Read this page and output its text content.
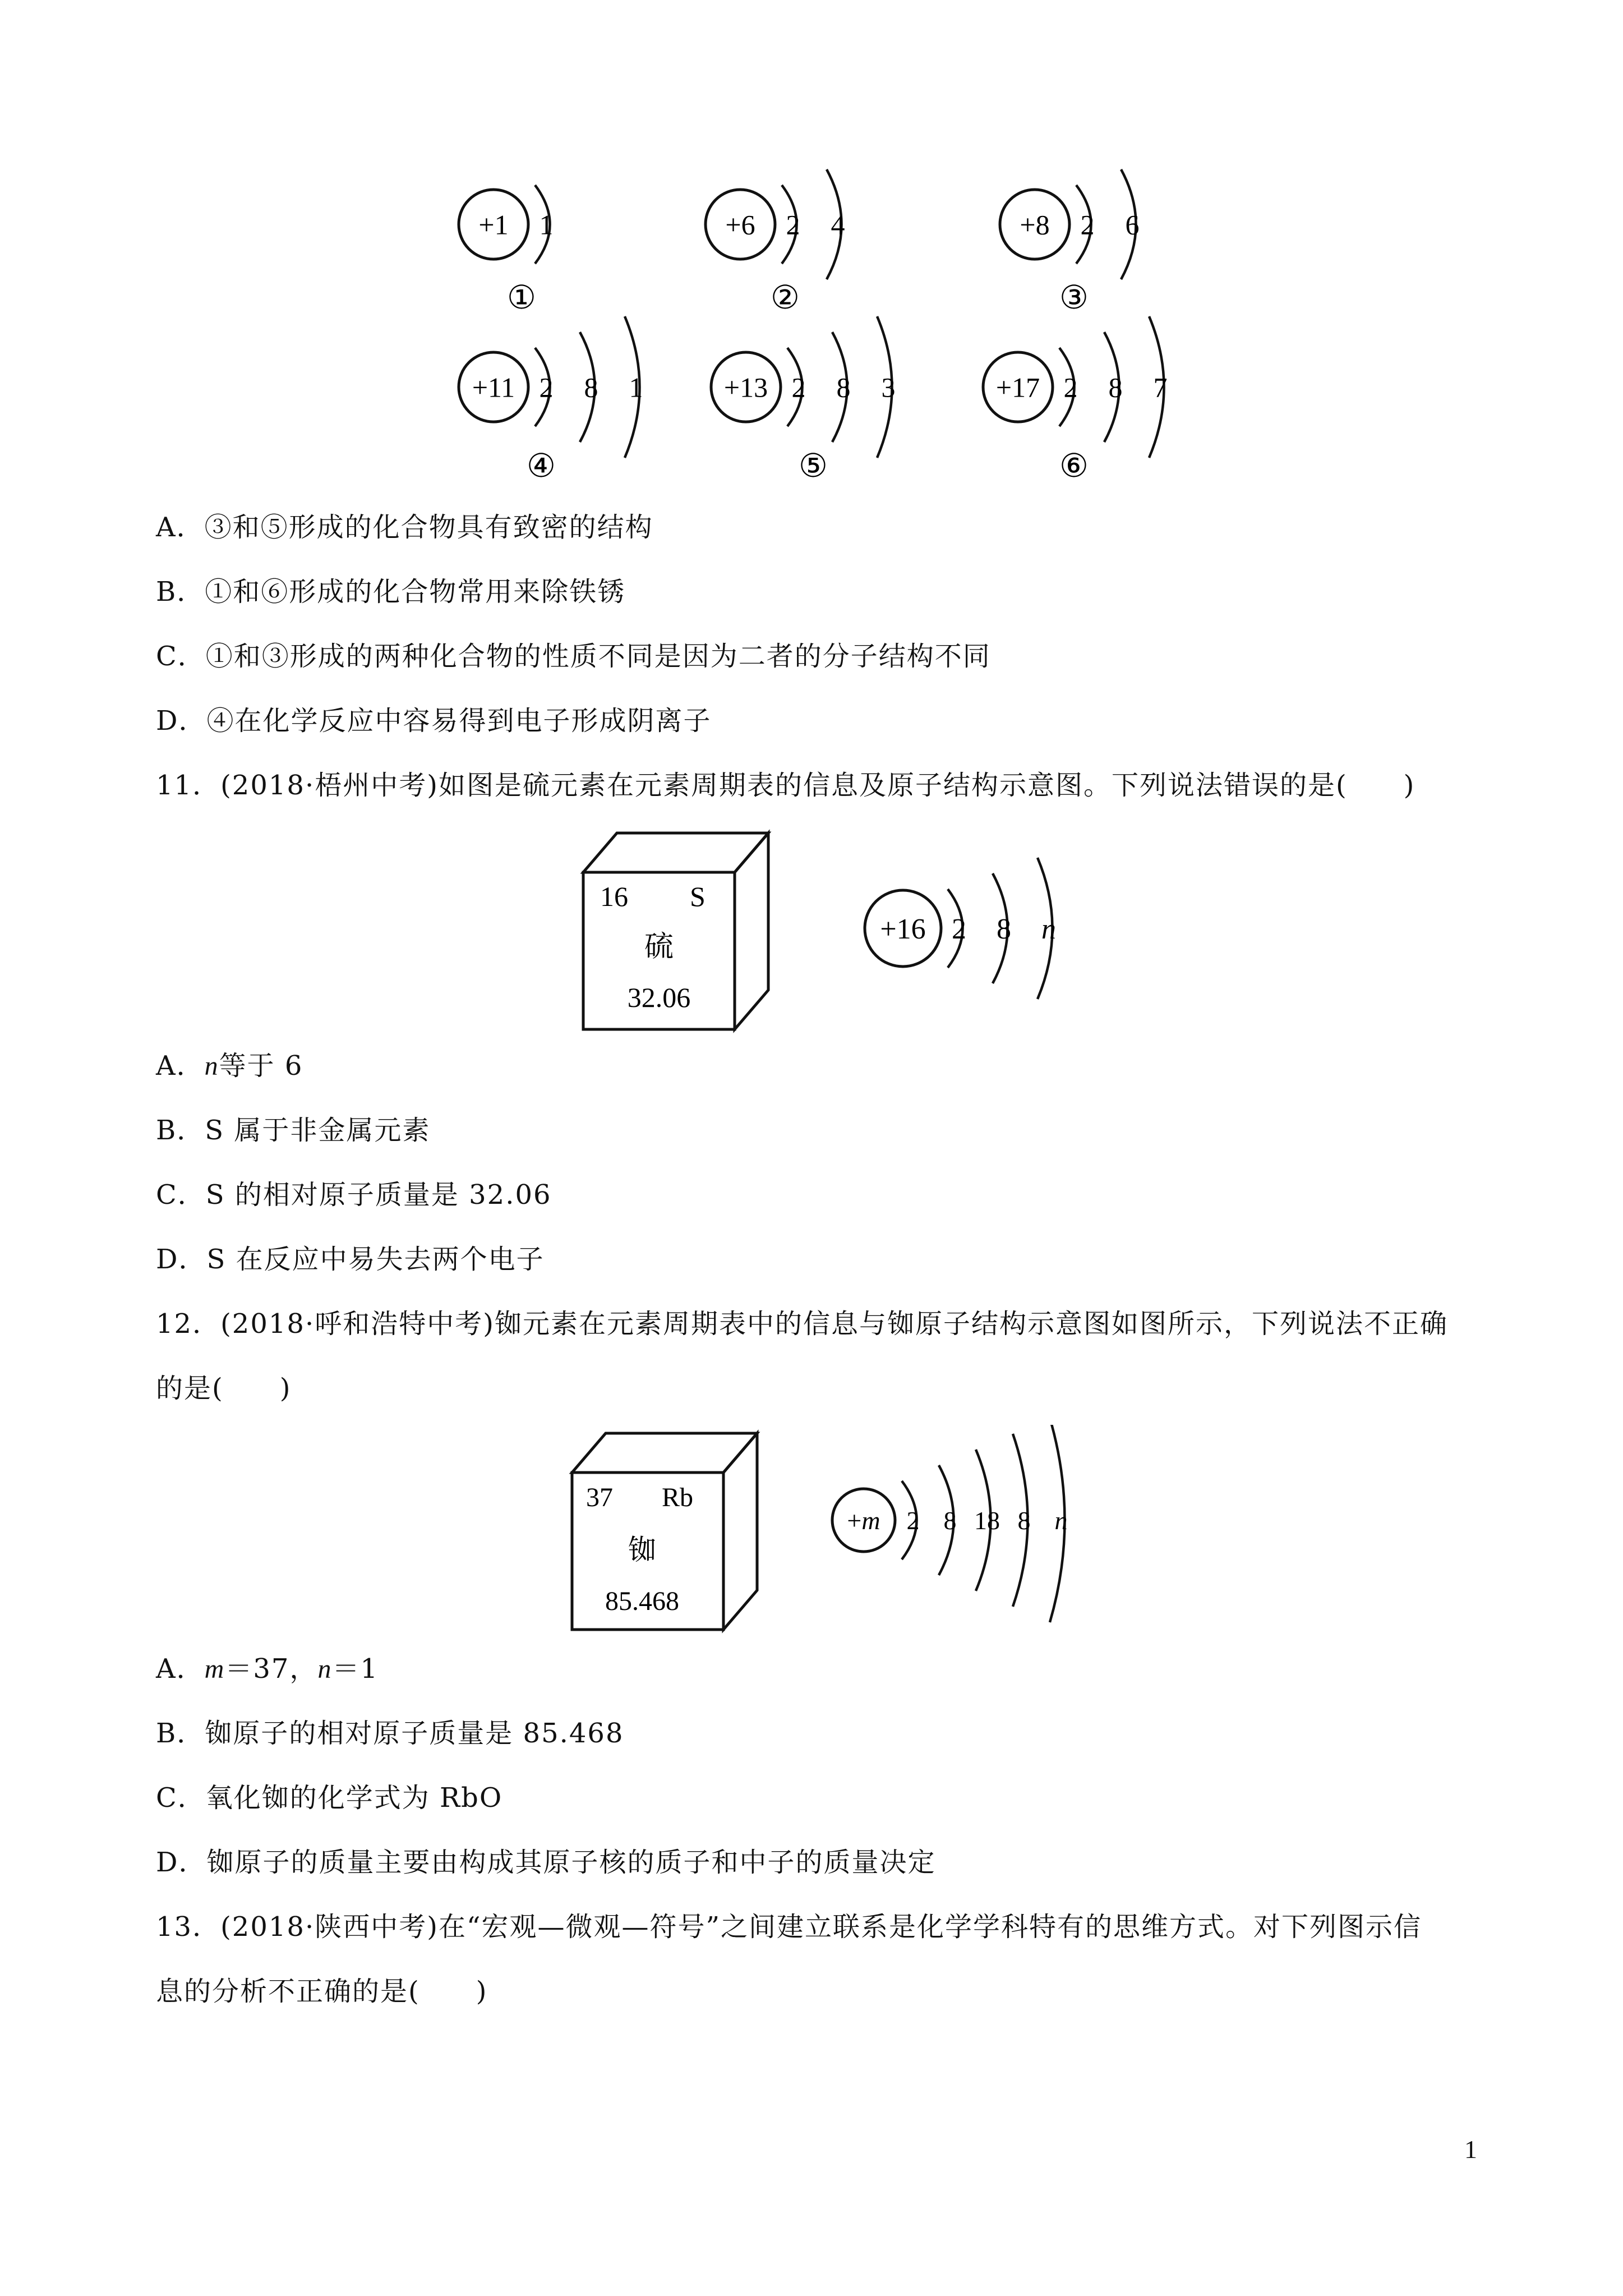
+1 1
①
+6 2 4
②
+8 2 6
③
+11 2 8 1
④
+13 2 8 3
⑤
+17 2 8 7
⑥
A．③和⑤形成的化合物具有致密的结构
B．①和⑥形成的化合物常用来除铁锈
C．①和③形成的两种化合物的性质不同是因为二者的分子结构不同
D．④在化学反应中容易得到电子形成阴离子
11．(2018·梧州中考)如图是硫元素在元素周期表的信息及原子结构示意图。下列说法错误的是(　　)
16 S
硫
32.06
+16 2 8 n
A．n等于 6
B．S 属于非金属元素
C．S 的相对原子质量是 32.06
D．S 在反应中易失去两个电子
12．(2018·呼和浩特中考)铷元素在元素周期表中的信息与铷原子结构示意图如图所示，下列说法不正确
的是(　　)
37 Rb
铷
85.468
+m 2 8 18 8 n
A．m＝37，n＝1
B．铷原子的相对原子质量是 85.468
C．氧化铷的化学式为 RbO
D．铷原子的质量主要由构成其原子核的质子和中子的质量决定
13．(2018·陕西中考)在“宏观—微观—符号”之间建立联系是化学学科特有的思维方式。对下列图示信
息的分析不正确的是(　　)
1
